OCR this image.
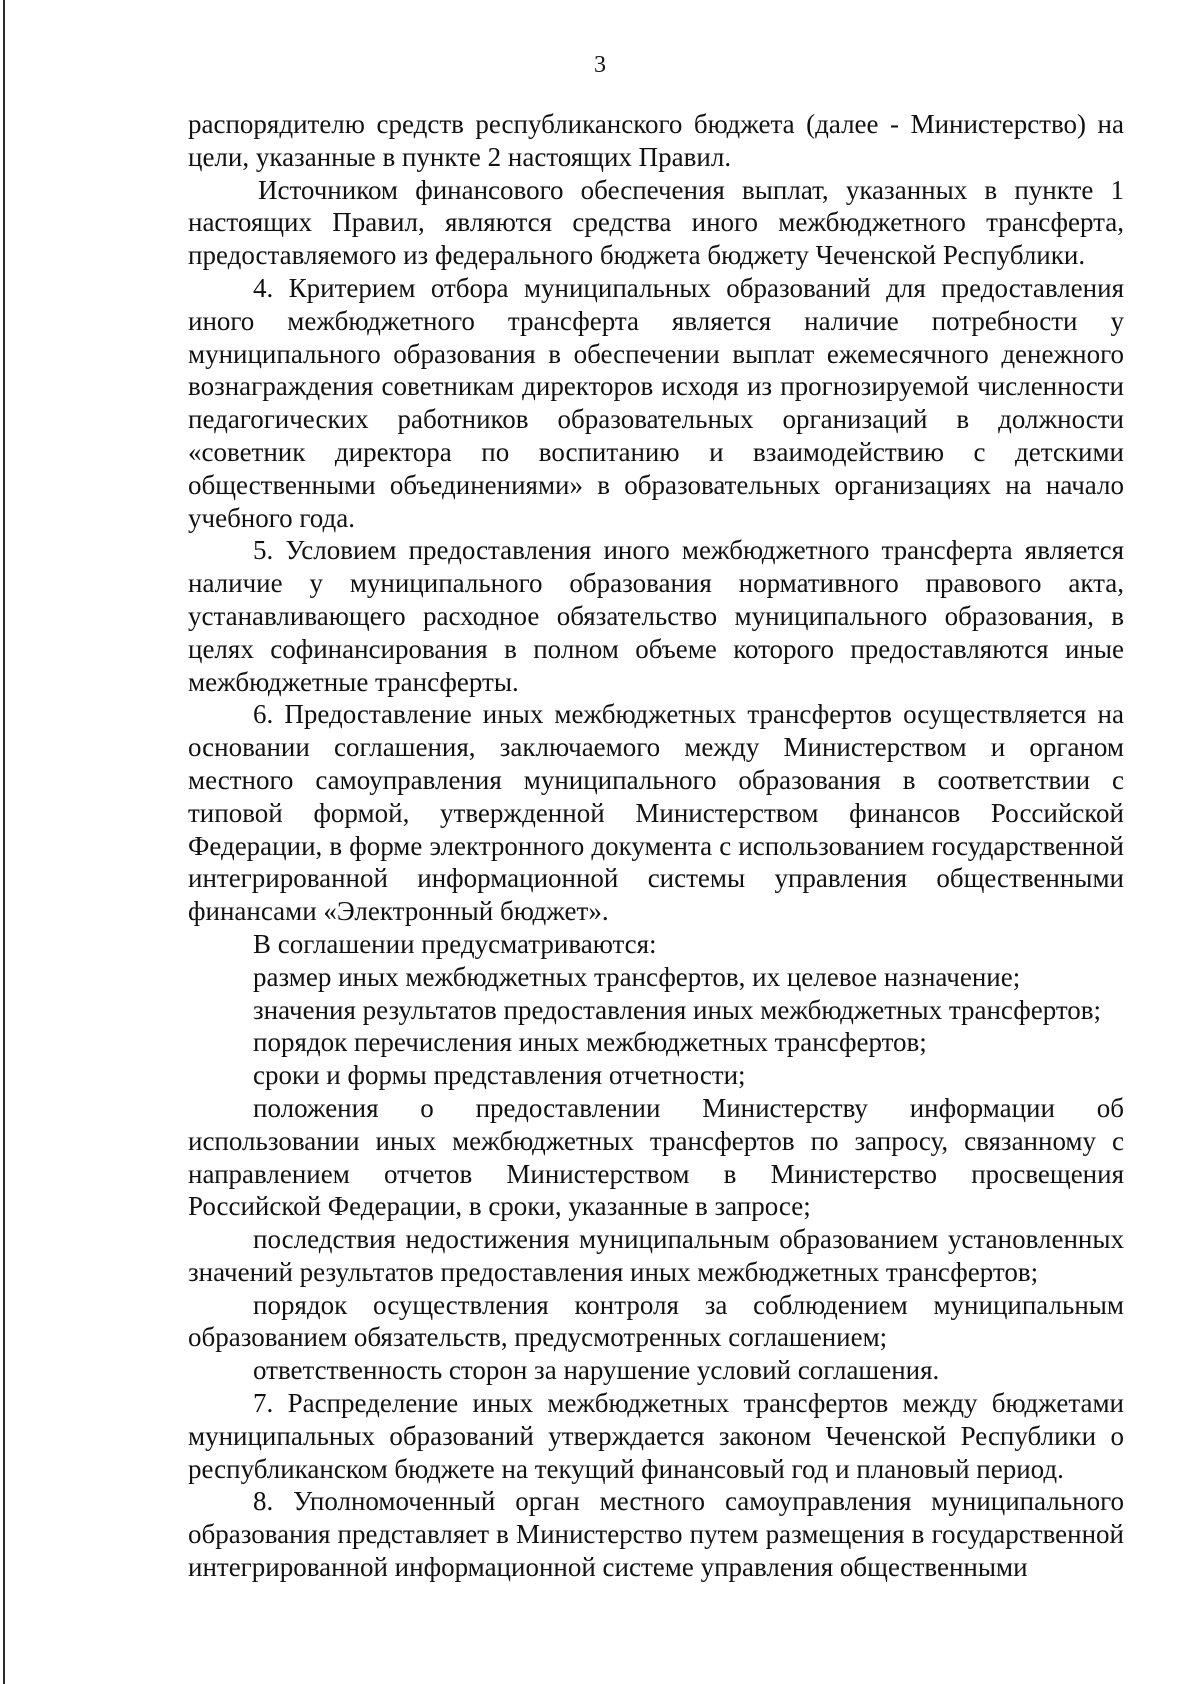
3

распорядителю средств республиканского бюджета (далее - Министерство) на цели, указанные в пункте 2 настоящих Правил.

Источником финансового обеспечения выплат, указанных в пункте 1 настоящих Правил, являются средства иного межбюджетного трансферта, предоставляемого из федерального бюджета бюджету Чеченской Республики.

4. Критерием отбора муниципальных образований для предоставления иного межбюджетного трансферта является наличие потребности у муниципального образования в обеспечении выплат ежемесячного денежного вознаграждения советникам директоров исходя из прогнозируемой численности педагогических работников образовательных организаций в должности «советник директора по воспитанию и взаимодействию с детскими общественными объединениями» в образовательных организациях на начало учебного года.

5. Условием предоставления иного межбюджетного трансферта является наличие у муниципального образования нормативного правового акта, устанавливающего расходное обязательство муниципального образования, в целях софинансирования в полном объеме которого предоставляются иные межбюджетные трансферты.

6. Предоставление иных межбюджетных трансфертов осуществляется на основании соглашения, заключаемого между Министерством и органом местного самоуправления муниципального образования в соответствии с типовой формой, утвержденной Министерством финансов Российской Федерации, в форме электронного документа с использованием государственной интегрированной информационной системы управления общественными финансами «Электронный бюджет».

В соглашении предусматриваются:

размер иных межбюджетных трансфертов, их целевое назначение;

значения результатов предоставления иных межбюджетных трансфертов;

порядок перечисления иных межбюджетных трансфертов;

сроки и формы представления отчетности;

положения о предоставлении Министерству информации об использовании иных межбюджетных трансфертов по запросу, связанному с направлением отчетов Министерством в Министерство просвещения Российской Федерации, в сроки, указанные в запросе;

последствия недостижения муниципальным образованием установленных значений результатов предоставления иных межбюджетных трансфертов;

порядок осуществления контроля за соблюдением муниципальным образованием обязательств, предусмотренных соглашением;

ответственность сторон за нарушение условий соглашения.

7. Распределение иных межбюджетных трансфертов между бюджетами муниципальных образований утверждается законом Чеченской Республики о республиканском бюджете на текущий финансовый год и плановый период.

8. Уполномоченный орган местного самоуправления муниципального образования представляет в Министерство путем размещения в государственной интегрированной информационной системе управления общественными
